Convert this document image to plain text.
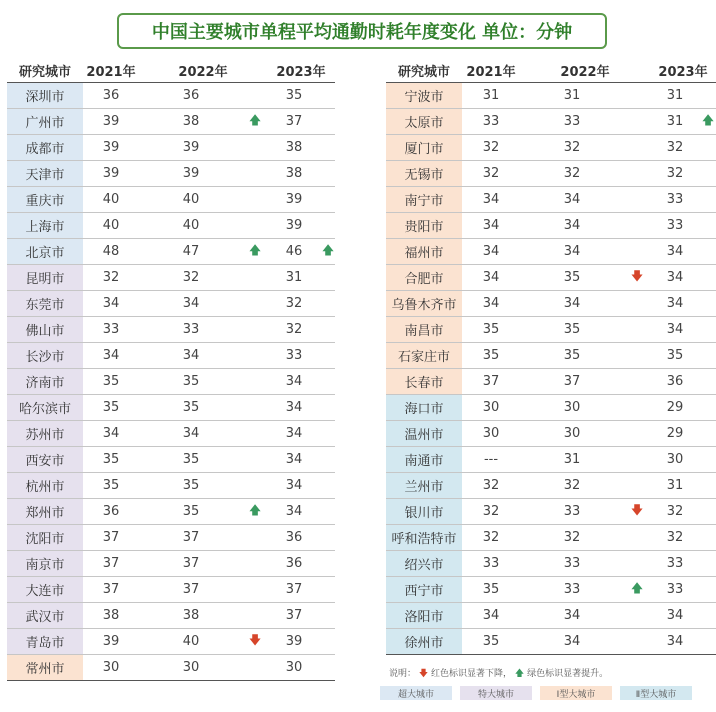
中国主要城市单程平均通勤时耗年度变化 单位：分钟
研究城市	2021年	2022年		2023年	
深圳市	36	36		35	
广州市	39	38	🡅	37	
成都市	39	39		38	
天津市	39	39		38	
重庆市	40	40		39	
上海市	40	40		39	
北京市	48	47	🡅	46	🡅
昆明市	32	32		31	
东莞市	34	34		32	
佛山市	33	33		32	
长沙市	34	34		33	
济南市	35	35		34	
哈尔滨市	35	35		34	
苏州市	34	34		34	
西安市	35	35		34	
杭州市	35	35		34	
郑州市	36	35	🡅	34	
沈阳市	37	37		36	
南京市	37	37		36	
大连市	37	37		37	
武汉市	38	38		37	
青岛市	39	40	🡇	39	
常州市	30	30		30	
研究城市	2021年	2022年		2023年	
宁波市	31	31		31	
太原市	33	33		31	🡅
厦门市	32	32		32	
无锡市	32	32		32	
南宁市	34	34		33	
贵阳市	34	34		33	
福州市	34	34		34	
合肥市	34	35	🡇	34	
乌鲁木齐市	34	34		34	
南昌市	35	35		34	
石家庄市	35	35		35	
长春市	37	37		36	
海口市	30	30		29	
温州市	30	30		29	
南通市	---	31		30	
兰州市	32	32		31	
银川市	32	33	🡇	32	
呼和浩特市	32	32		32	
绍兴市	33	33		33	
西宁市	35	33	🡅	33	
洛阳市	34	34		34	
徐州市	35	34		34	
说明： 🡇 红色标识显著下降， 🡅 绿色标识显著提升。
超大城市	特大城市	Ⅰ型大城市	Ⅱ型大城市
